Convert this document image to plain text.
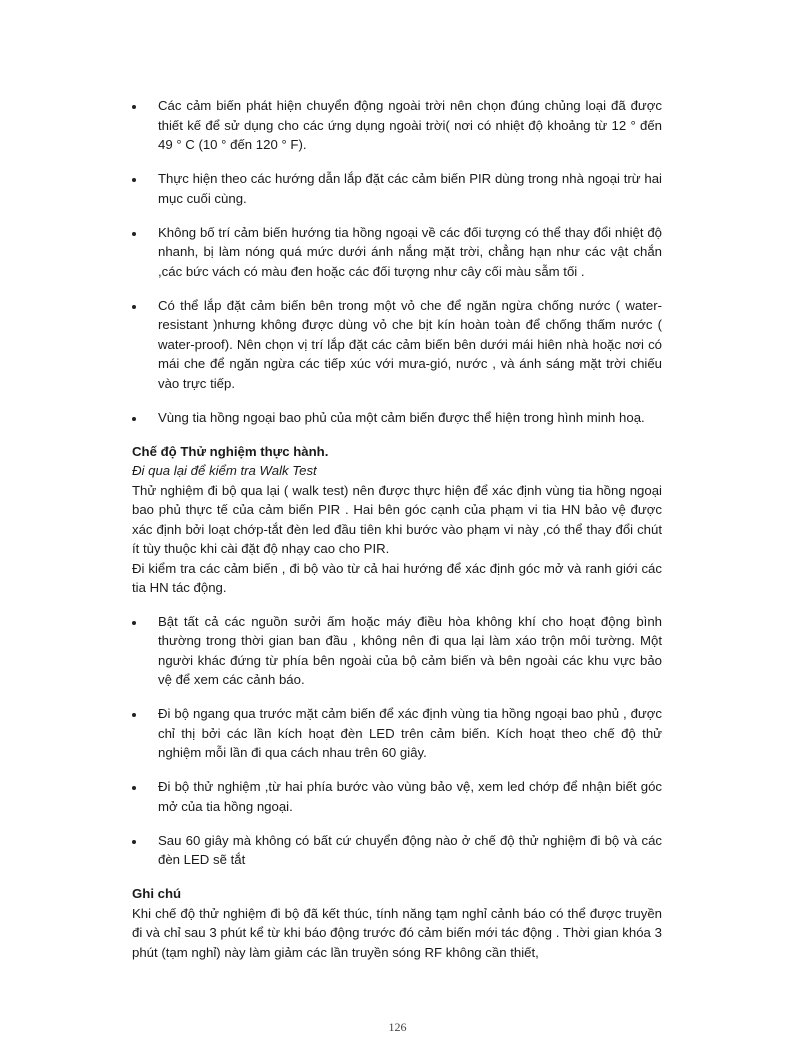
Các cảm biến phát hiện chuyển động ngoài trời nên chọn đúng chủng loại đã được thiết kế để sử dụng cho các ứng dụng ngoài trời( nơi có nhiệt độ khoảng từ 12 ° đến 49 ° C (10 ° đến 120 ° F).
Thực hiện theo các hướng dẫn lắp đặt các cảm biến PIR dùng trong nhà ngoại trừ hai mục cuối cùng.
Không bố trí cảm biến hướng tia hồng ngoại về các đối tượng có thể thay đổi nhiệt độ nhanh, bị làm nóng quá mức dưới ánh nắng mặt trời, chẳng hạn như các vật chắn ,các bức vách có màu đen hoặc các đối tượng như cây cối màu sẫm tối .
Có thể lắp đặt cảm biến bên trong một vỏ che để ngăn ngừa chống nước ( water-resistant )nhưng không được dùng vỏ che bịt kín hoàn toàn để chống thấm nước ( water-proof). Nên chọn vị trí lắp đặt các cảm biến bên dưới mái hiên nhà hoặc nơi có mái che để ngăn ngừa các tiếp xúc với mưa-gió, nước , và ánh sáng mặt trời chiếu vào trực tiếp.
Vùng tia hồng ngoại bao phủ của một cảm biến được thể hiện trong hình minh hoạ.
Chế độ Thử nghiệm thực hành.
Đi qua lại để kiểm tra Walk Test

Thử nghiệm đi bộ qua lại ( walk test) nên được thực hiện để xác định vùng tia hồng ngoại bao phủ thực tế của cảm biến PIR . Hai bên góc cạnh của phạm vi tia HN bảo vệ được xác định bởi loạt chớp-tắt đèn led đầu tiên khi bước vào phạm vi này ,có thể thay đổi chút ít tùy thuộc khi cài đặt độ nhạy cao cho PIR.

Đi kiểm tra các cảm biến , đi bộ vào từ cả hai hướng để xác định góc mở và ranh giới các tia HN tác động.

Bật tất cả các nguồn sưởi ấm hoặc máy điều hòa không khí cho hoạt động bình thường trong thời gian ban đầu , không nên đi qua lại làm xáo trộn môi tường. Một người khác đứng từ phía bên ngoài của bộ cảm biến và bên ngoài các khu vực bảo vệ để xem các cảnh báo.
Đi bộ ngang qua trước mặt cảm biến để xác định vùng tia hồng ngoại bao phủ , được chỉ thị bởi các lần kích hoạt đèn LED trên cảm biến. Kích hoạt theo chế độ thử nghiệm mỗi lần đi qua cách nhau trên 60 giây.
Đi bộ thử nghiệm ,từ hai phía bước vào vùng bảo vệ, xem led chớp để nhận biết góc mở của tia hồng ngoại.
Sau 60 giây mà không có bất cứ chuyển động nào ở chế độ thử nghiệm đi bộ và các đèn LED sẽ tắt
Ghi chú

Khi chế độ thử nghiệm đi bộ đã kết thúc, tính năng tạm nghỉ cảnh báo có thể được truyền đi và chỉ sau 3 phút kể từ khi báo động trước đó cảm biến mới tác động . Thời gian khóa 3 phút (tạm nghỉ) này làm giảm các lần truyền sóng RF không cần thiết,

126
